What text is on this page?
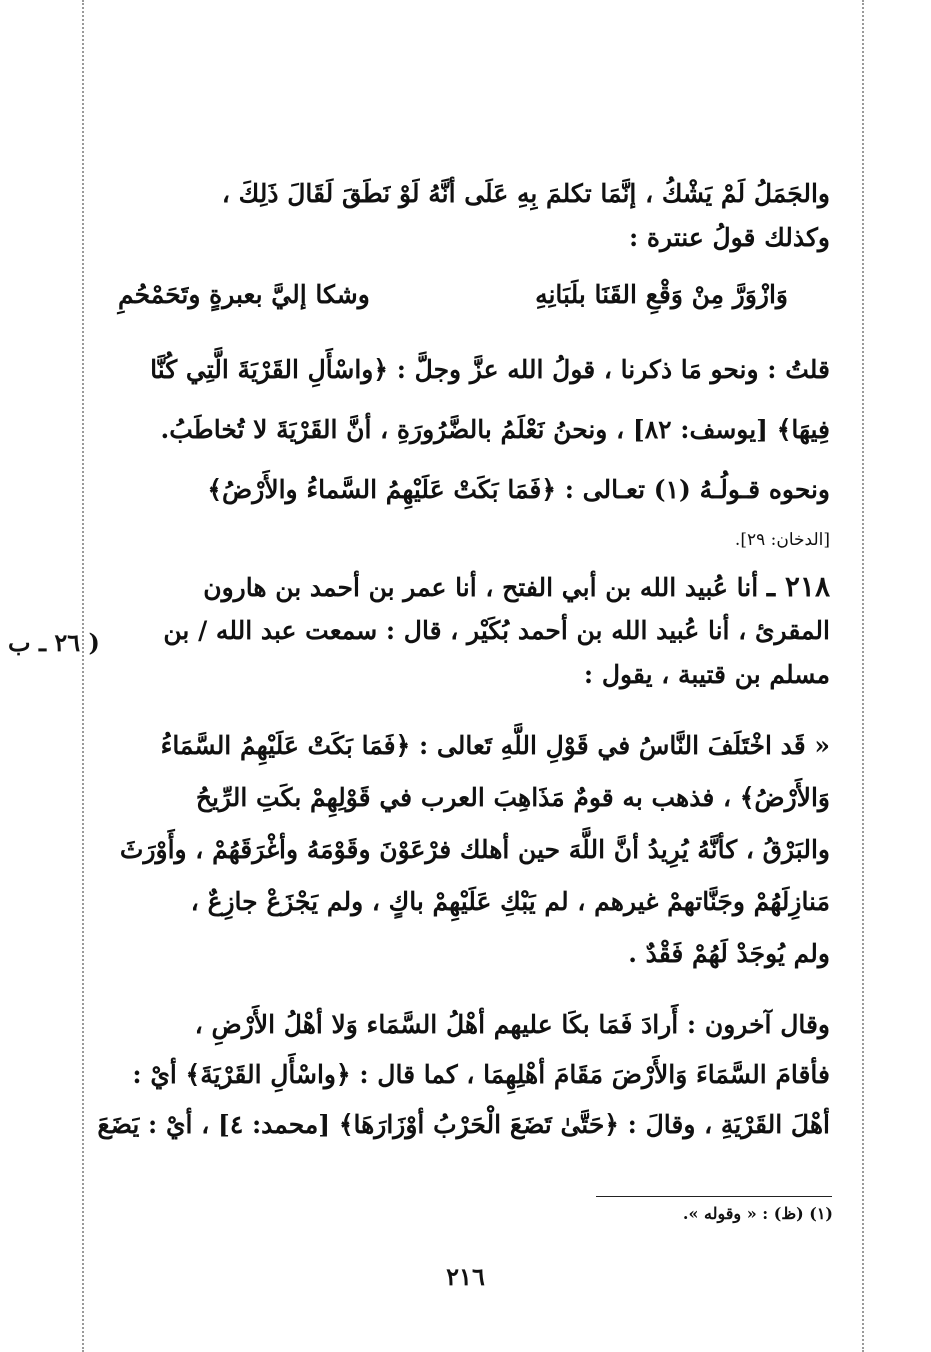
والجَمَلُ لَمْ يَشْكُ ، إنَّمَا تكلمَ بِهِ عَلَى أنَّهُ لَوْ نَطَقَ لَقَالَ ذَلِكَ ،
وكذلك قولُ عنترة :
وَازْوَرَّ مِنْ وَقْعِ القَنَا بلَبَانِهِ
وشكا إليَّ بعبرةٍ وتَحَمْحُمِ
قلتُ : ونحو مَا ذكرنا ، قولُ الله عزَّ وجلَّ : ﴿واسْأَلِ القَرْيَةَ الَّتِي كُنَّا
فِيهَا﴾ [يوسف: ٨٢] ، ونحنُ نَعْلَمُ بالضَّرُورَةِ ، أنَّ القَرْيَةَ لا تُخاطَبُ.
ونحوه قـولُـهُ (١) تعـالى : ﴿فَمَا بَكَتْ عَلَيْهِمُ السَّماءُ والأَرْضُ﴾
[الدخان: ٢٩].
٢١٨ ـ أنا عُبيد الله بن أبي الفتح ، أنا عمر بن أحمد بن هارون
المقرئ ، أنا عُبيد الله بن أحمد بُكَيْر ، قال : سمعت عبد الله / بن
مسلم بن قتيبة ، يقول :
( ٢٦ ـ ب
« قَد اخْتَلَفَ النَّاسُ في قَوْلِ اللَّهِ تَعالى : ﴿فَمَا بَكَتْ عَلَيْهِمُ السَّمَاءُ
وَالأَرْضُ﴾ ، فذهب به قومٌ مَذَاهِبَ العرب في قَوْلِهِمْ بكَتِ الرِّيحُ
والبَرْقُ ، كأنَّهُ يُرِيدُ أنَّ اللَّهَ حين أهلك فرْعَوْنَ وقَوْمَهُ وأغْرَقَهُمْ ، وأَوْرَثَ
مَنازِلَهُمْ وجَنَّاتهمْ غيرهم ، لم يَبْكِ عَلَيْهِمْ باكٍ ، ولم يَجْزَعْ جازِعٌ ،
ولم يُوجَدْ لَهُمْ فَقْدٌ .
وقال آخرون : أَرادَ فَمَا بكَا عليهم أهْلُ السَّمَاء وَلا أهْلُ الأَرْضِ ،
فأقامَ السَّمَاءَ وَالأَرْضَ مَقَامَ أهْلِهِمَا ، كما قال : ﴿واسْأَلِ القَرْيَةَ﴾ أيْ :
أهْلَ القَرْيَةِ ، وقالَ : ﴿حَتَّىٰ تَضَعَ الْحَرْبُ أوْزَارَهَا﴾ [محمد: ٤] ، أيْ : يَضَعَ
(١) (ظ) : « وقوله ».
٢١٦
